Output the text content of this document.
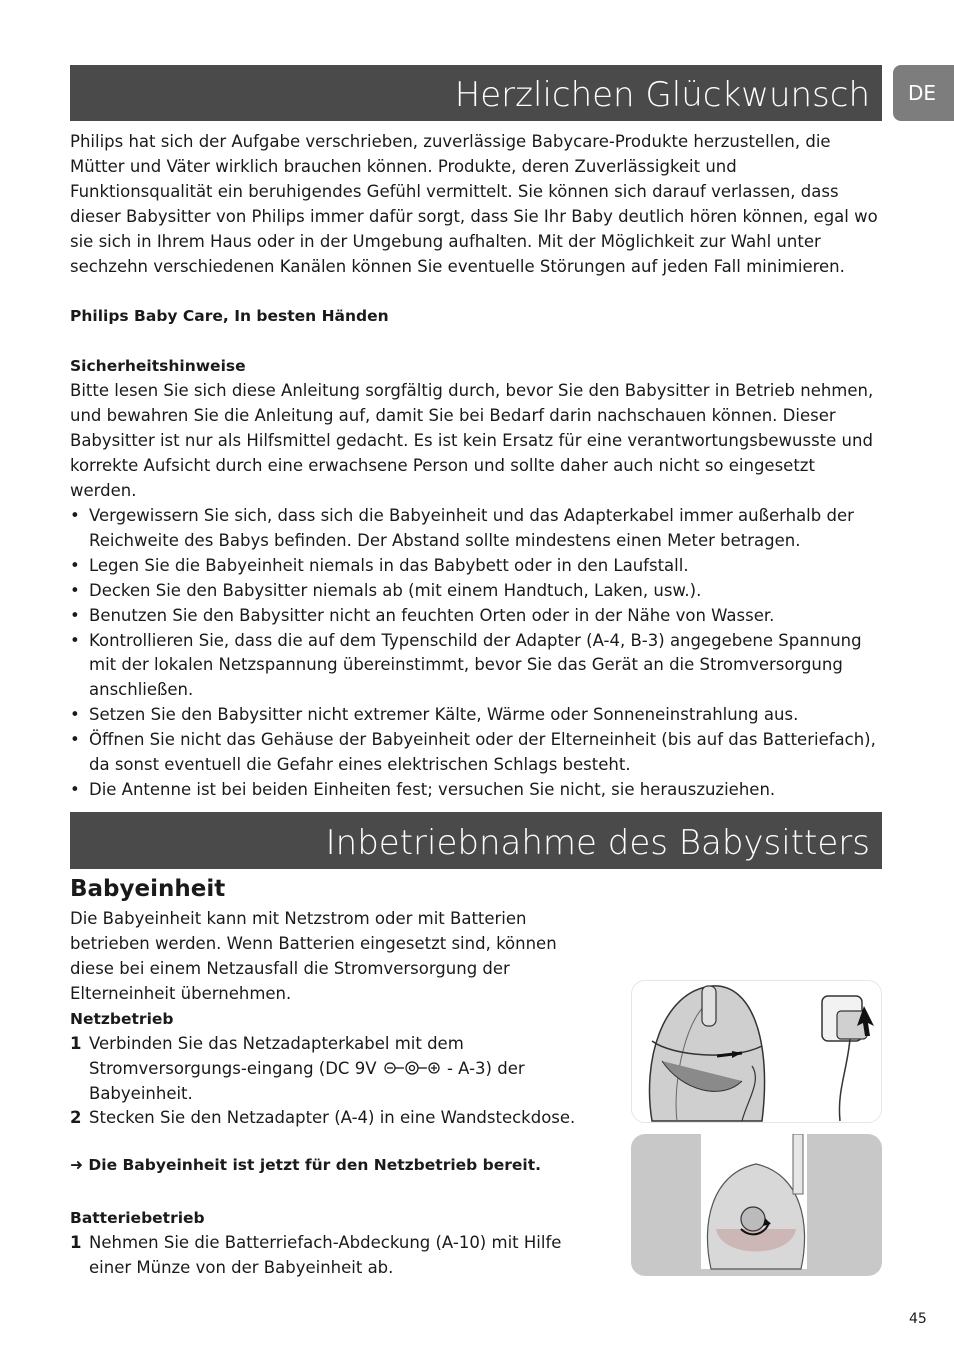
Herzlichen Glückwunsch	DE

Philips hat sich der Aufgabe verschrieben, zuverlässige Babycare-Produkte herzustellen, die Mütter und Väter wirklich brauchen können. Produkte, deren Zuverlässigkeit und Funktionsqualität ein beruhigendes Gefühl vermittelt. Sie können sich darauf verlassen, dass dieser Babysitter von Philips immer dafür sorgt, dass Sie Ihr Baby deutlich hören können, egal wo sie sich in Ihrem Haus oder in der Umgebung aufhalten. Mit der Möglichkeit zur Wahl unter sechzehn verschiedenen Kanälen können Sie eventuelle Störungen auf jeden Fall minimieren.

Philips Baby Care, In besten Händen

Sicherheitshinweise

Bitte lesen Sie sich diese Anleitung sorgfältig durch, bevor Sie den Babysitter in Betrieb nehmen, und bewahren Sie die Anleitung auf, damit Sie bei Bedarf darin nachschauen können. Dieser Babysitter ist nur als Hilfsmittel gedacht. Es ist kein Ersatz für eine verantwortungsbewusste und korrekte Aufsicht durch eine erwachsene Person und sollte daher auch nicht so eingesetzt werden.

• Vergewissern Sie sich, dass sich die Babyeinheit und das Adapterkabel immer außerhalb der Reichweite des Babys befinden. Der Abstand sollte mindestens einen Meter betragen.
• Legen Sie die Babyeinheit niemals in das Babybett oder in den Laufstall.
• Decken Sie den Babysitter niemals ab (mit einem Handtuch, Laken, usw.).
• Benutzen Sie den Babysitter nicht an feuchten Orten oder in der Nähe von Wasser.
• Kontrollieren Sie, dass die auf dem Typenschild der Adapter (A-4, B-3) angegebene Spannung mit der lokalen Netzspannung übereinstimmt, bevor Sie das Gerät an die Stromversorgung anschließen.
• Setzen Sie den Babysitter nicht extremer Kälte, Wärme oder Sonneneinstrahlung aus.
• Öffnen Sie nicht das Gehäuse der Babyeinheit oder der Elterneinheit (bis auf das Batteriefach), da sonst eventuell die Gefahr eines elektrischen Schlags besteht.
• Die Antenne ist bei beiden Einheiten fest; versuchen Sie nicht, sie herauszuziehen.
Inbetriebnahme des Babysitters
Babyeinheit

Die Babyeinheit kann mit Netzstrom oder mit Batterien betrieben werden. Wenn Batterien eingesetzt sind, können diese bei einem Netzausfall die Stromversorgung der Elterneinheit übernehmen.

Netzbetrieb

1 Verbinden Sie das Netzadapterkabel mit dem Stromversorgungs-eingang (DC 9V	- A-3) der Babyeinheit.
2 Stecken Sie den Netzadapter (A-4) in eine Wandsteckdose.
➜ Die Babyeinheit ist jetzt für den Netzbetrieb bereit.

Batteriebetrieb

1 Nehmen Sie die Batterriefach-Abdeckung (A-10) mit Hilfe einer Münze von der Babyeinheit ab.
45
